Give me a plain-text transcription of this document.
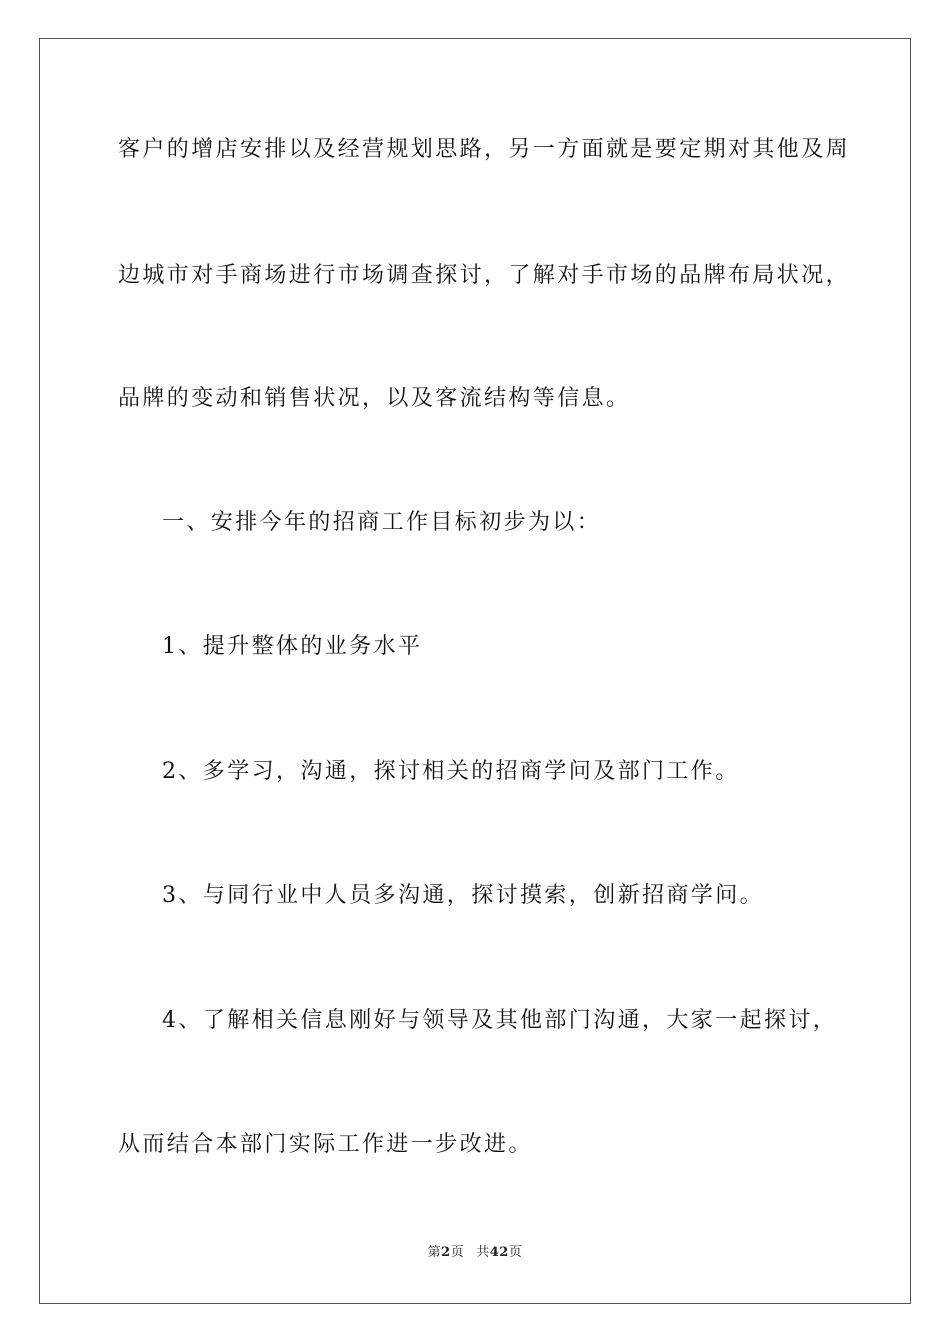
客户的增店安排以及经营规划思路，另一方面就是要定期对其他及周
边城市对手商场进行市场调查探讨，了解对手市场的品牌布局状况，
品牌的变动和销售状况，以及客流结构等信息。
一、安排今年的招商工作目标初步为以：
1、提升整体的业务水平
2、多学习，沟通，探讨相关的招商学问及部门工作。
3、与同行业中人员多沟通，探讨摸索，创新招商学问。
4、了解相关信息刚好与领导及其他部门沟通，大家一起探讨，
从而结合本部门实际工作进一步改进。
第2页 共42页
